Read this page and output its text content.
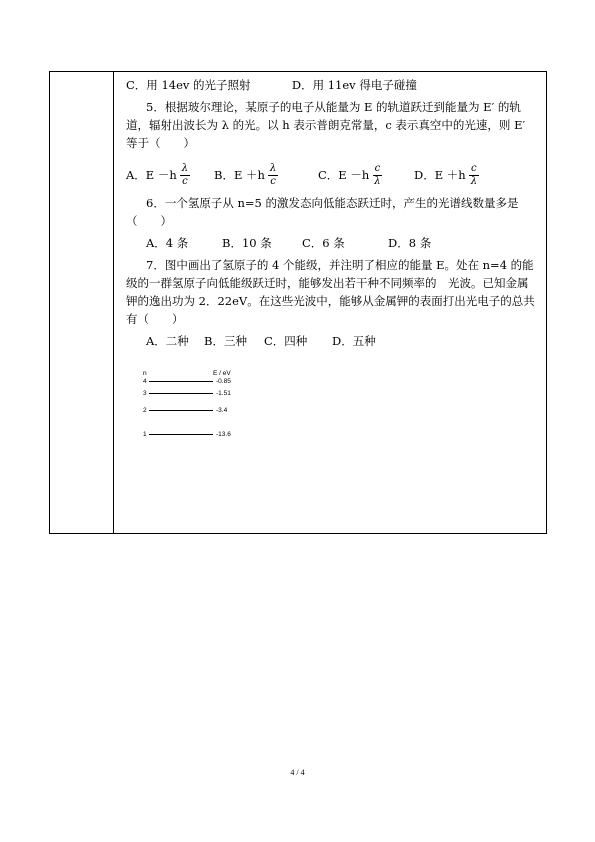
C．用 14ev 的光子照射	D．用 11ev 得电子碰撞
5．根据玻尔理论，某原子的电子从能量为 E 的轨道跃迁到能量为 E′ 的轨
道，辐射出波长为 λ 的光。以 h 表示普朗克常量，c 表示真空中的光速，则 E′
等于（　　）
A．$E -h \frac{\lambda}{c}$ B．$E +h \frac{\lambda}{c}$	C．$E -h \frac{c}{\lambda}$	D．$E +h \frac{c}{\lambda}$
6．一个氢原子从 n=5 的激发态向低能态跃迁时，产生的光谱线数量多是
（　　）
A．4 条	B．10 条	C．6 条	D．8 条
7．图中画出了氢原子的 4 个能级，并注明了相应的能量 E。处在 n=4 的能
级的一群氢原子向低能级跃迁时，能够发出若干种不同频率的　光波。已知金属
钾的逸出功为 2．22eV。在这些光波中，能够从金属钾的表面打出光电子的总共
有（　　）
A．二种	B．三种	C．四种	D．五种
n	E / eV
4	-0.85
3	-1.51
2	-3.4
1	-13.6
4 / 4
